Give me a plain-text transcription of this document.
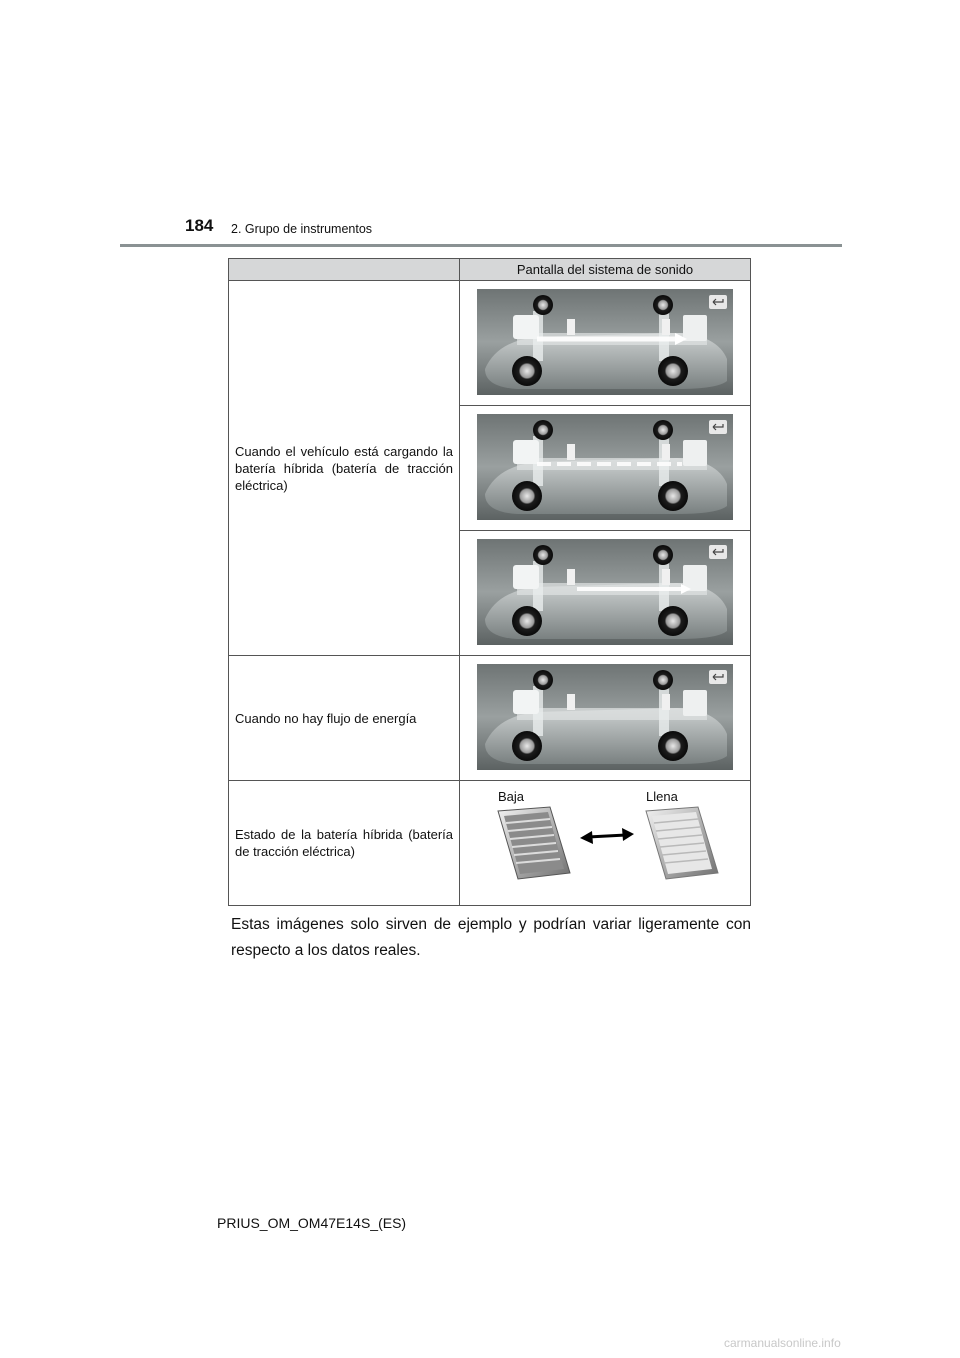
184 2. Grupo de instrumentos
	Pantalla del sistema de sonido
Cuando el vehículo está cargando la batería híbrida (batería de tracción eléctrica)	

Cuando no hay flujo de energía	

Estado de la batería híbrida (batería de tracción eléctrica)	Baja Llena
Estas imágenes solo sirven de ejemplo y podrían variar ligeramente con respecto a los datos reales.
PRIUS_OM_OM47E14S_(ES)
carmanualsonline.info
